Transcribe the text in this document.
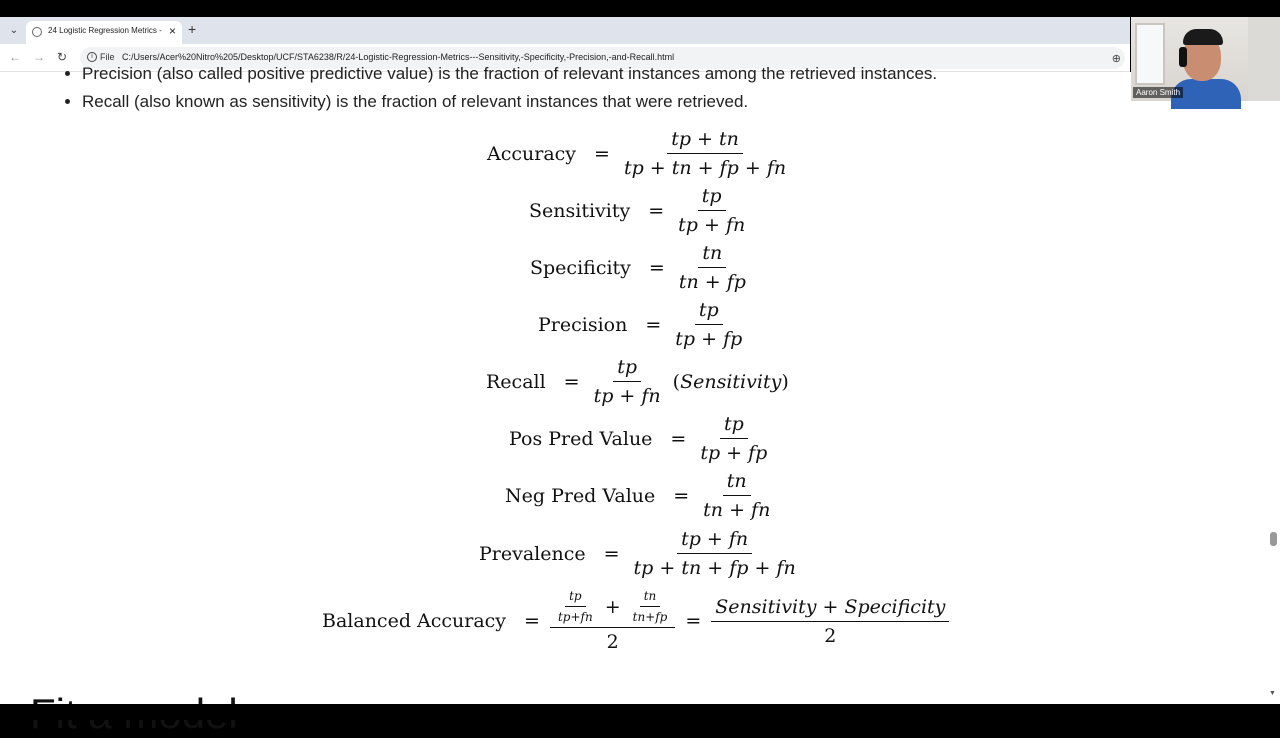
⌄	24 Logistic Regression Metrics - × +
← → ↻	i File C:/Users/Acer%20Nitro%205/Desktop/UCF/STA6238/R/24-Logistic-Regression-Metrics---Sensitivity,-Specificity,-Precision,-and-Recall.html	⊕
• Precision (also called positive predictive value) is the fraction of relevant instances among the retrieved instances.
• Recall (also known as sensitivity) is the fraction of relevant instances that were retrieved.
Accuracy = $\frac{tp + tn}{tp + tn + fp + fn}$
Sensitivity = $\frac{tp}{tp + fn}$
Specificity = $\frac{tn}{tn + fp}$
Precision = $\frac{tp}{tp + fp}$
Recall = $\frac{tp}{tp + fn}$ (Sensitivity)
Pos Pred Value = $\frac{tp}{tp + fp}$
Neg Pred Value = $\frac{tn}{tn + fn}$
Prevalence = $\frac{tp + fn}{tp + tn + fp + fn}$
Balanced Accuracy = $\frac{\frac{tp}{tp+fn} + \frac{tn}{tn+fp}}{2} = \frac{\text{Sensitivity + Specificity}}{2}$
▼
Aaron Smith
